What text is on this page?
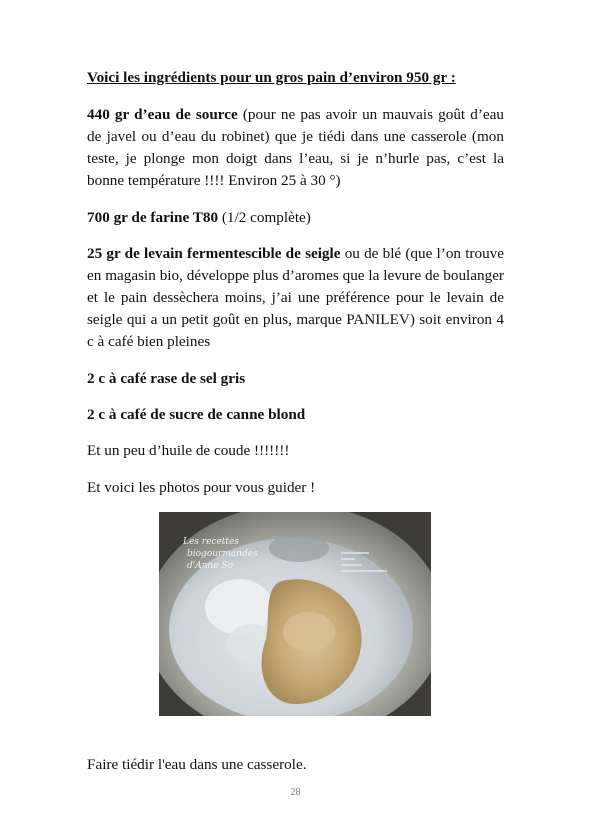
Voici les ingrédients pour un gros pain d’environ 950 gr :

440 gr d’eau de source (pour ne pas avoir un mauvais goût d’eau de javel ou d’eau du robinet) que je tiédi dans une casserole (mon teste, je plonge mon doigt dans l’eau, si je n’hurle pas, c’est la bonne température !!!! Environ 25 à 30 °)

700 gr de farine T80 (1/2 complète)

25 gr de levain fermentescible de seigle ou de blé (que l’on trouve en magasin bio, développe plus d’aromes que la levure de boulanger et le pain dessèchera moins, j’ai une préférence pour le levain de seigle qui a un petit goût en plus, marque PANILEV) soit environ 4 c à café bien pleines

2 c à café rase de sel gris

2 c à café de sucre de canne blond

Et un peu d’huile de coude !!!!!!!

Et voici les photos pour vous guider !

Les recettes
biogourmandes
d'Anne So

Faire tiédir l'eau dans une casserole.

28
